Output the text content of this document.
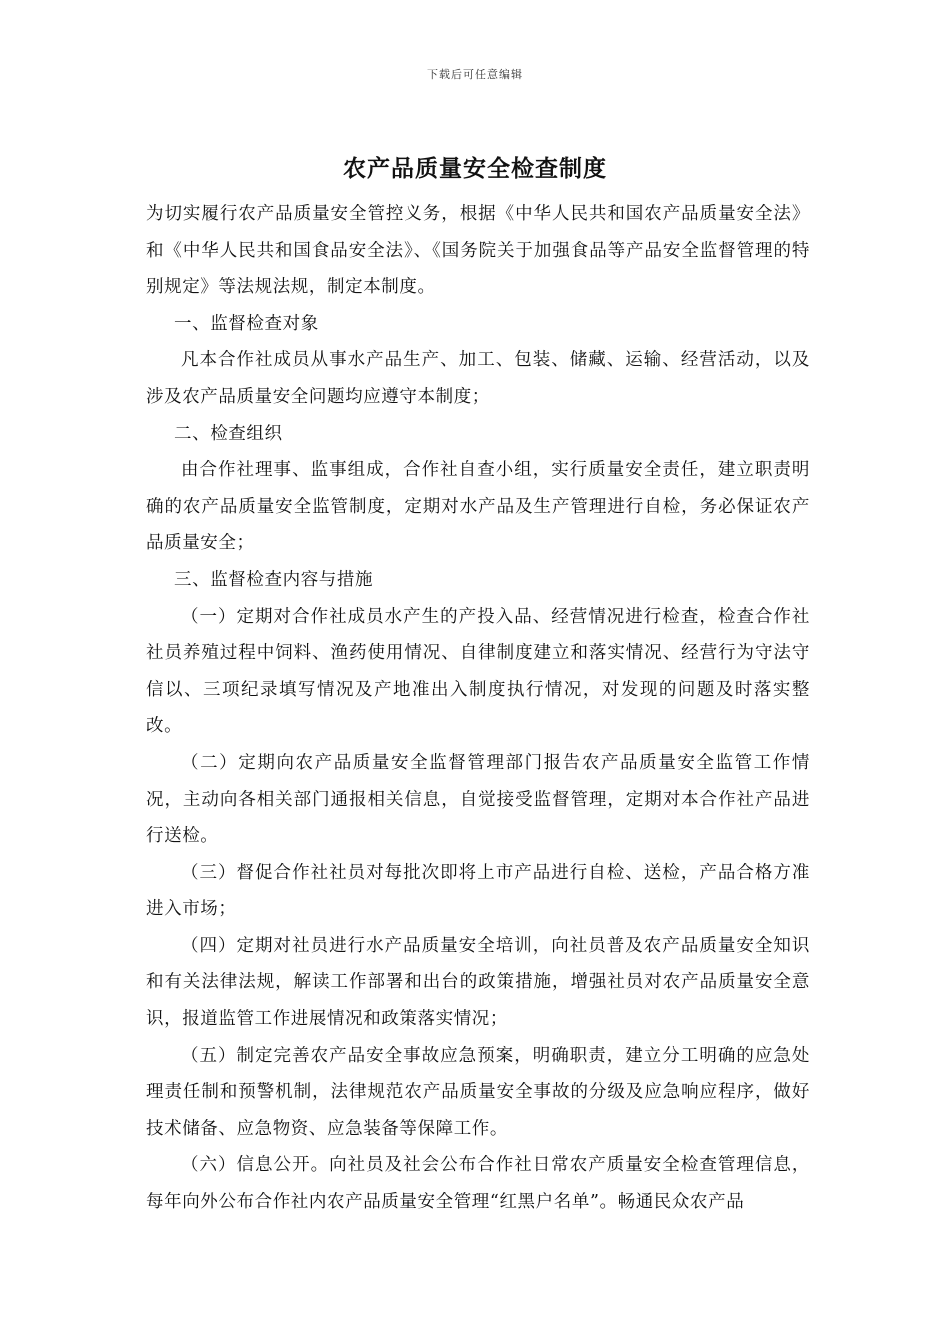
下载后可任意编辑
农产品质量安全检查制度

为切实履行农产品质量安全管控义务，根据《中华人民共和国农产品质量安全法》和《中华人民共和国食品安全法》、《国务院关于加强食品等产品安全监督管理的特别规定》等法规法规，制定本制度。

一、监督检查对象

凡本合作社成员从事水产品生产、加工、包装、储藏、运输、经营活动，以及涉及农产品质量安全问题均应遵守本制度；

二、检查组织

由合作社理事、监事组成，合作社自查小组，实行质量安全责任，建立职责明确的农产品质量安全监管制度，定期对水产品及生产管理进行自检，务必保证农产品质量安全；

三、监督检查内容与措施

（一）定期对合作社成员水产生的产投入品、经营情况进行检查，检查合作社社员养殖过程中饲料、渔药使用情况、自律制度建立和落实情况、经营行为守法守信以、三项纪录填写情况及产地准出入制度执行情况，对发现的问题及时落实整改。

（二）定期向农产品质量安全监督管理部门报告农产品质量安全监管工作情况，主动向各相关部门通报相关信息，自觉接受监督管理，定期对本合作社产品进行送检。

（三）督促合作社社员对每批次即将上市产品进行自检、送检，产品合格方准进入市场；

（四）定期对社员进行水产品质量安全培训，向社员普及农产品质量安全知识和有关法律法规，解读工作部署和出台的政策措施，增强社员对农产品质量安全意识，报道监管工作进展情况和政策落实情况；

（五）制定完善农产品安全事故应急预案，明确职责，建立分工明确的应急处理责任制和预警机制，法律规范农产品质量安全事故的分级及应急响应程序，做好技术储备、应急物资、应急装备等保障工作。

（六）信息公开。向社员及社会公布合作社日常农产质量安全检查管理信息，每年向外公布合作社内农产品质量安全管理“红黑户名单”。畅通民众农产品
